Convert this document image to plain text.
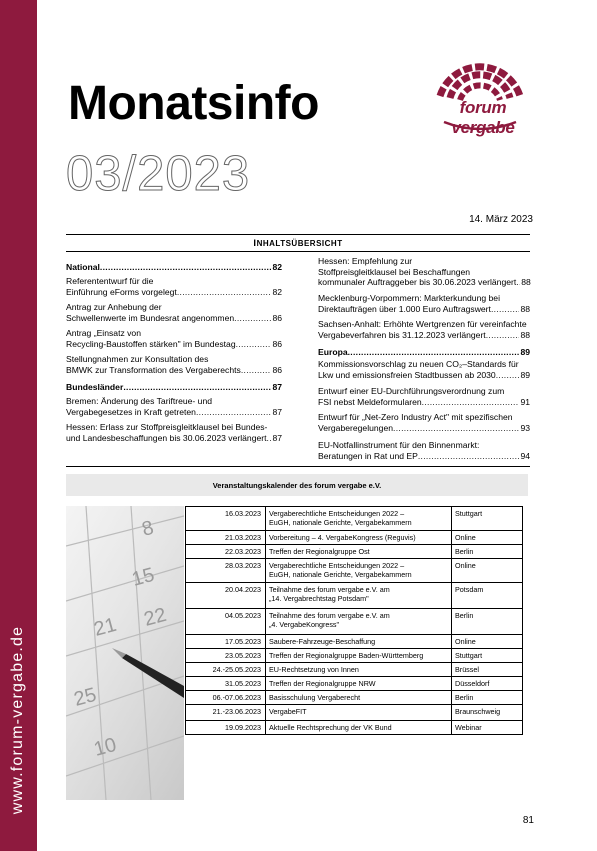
www.forum-vergabe.de
Monatsinfo
03/2023
forum vergabe
14. März 2023
INHALTSÜBERSICHT
National .....	82
Referententwurf für die
Einführung eForms vorgelegt .....	82
Antrag zur Anhebung der
Schwellenwerte im Bundesrat angenommen .....	86
Antrag „Einsatz von
Recycling-Baustoffen stärken" im Bundestag .....	86
Stellungnahmen zur Konsultation des
BMWK zur Transformation des Vergaberechts .....	86
Bundesländer .....	87
Bremen: Änderung des Tariftreue- und
Vergabegesetzes in Kraft getreten .....	87
Hessen: Erlass zur Stoffpreisgleitklausel bei Bundes-
und Landesbeschaffungen bis 30.06.2023 verlängert ..... 87
Hessen: Empfehlung zur
Stoffpreisgleitklausel bei Beschaffungen
kommunaler Auftraggeber bis 30.06.2023 verlängert ..... 88
Mecklenburg-Vorpommern: Markterkundung bei
Direktaufträgen über 1.000 Euro Auftragswert .....	88
Sachsen-Anhalt: Erhöhte Wertgrenzen für vereinfachte
Vergabeverfahren bis 31.12.2023 verlängert .....	88
Europa .....	89
Kommissionsvorschlag zu neuen CO₂–Standards für
Lkw und emissionsfreien Stadtbussen ab 2030 .....	89
Entwurf einer EU-Durchführungsverordnung zum
FSI nebst Meldeformularen .....	91
Entwurf für „Net-Zero Industry Act" mit spezifischen
Vergaberegelungen .....	93
EU-Notfallinstrument für den Binnenmarkt:
Beratungen in Rat und EP .....	94
Veranstaltungskalender des forum vergabe e.V.
8
15
21 22
25
10
16.03.2023	Vergaberechtliche Entscheidungen 2022 –
EuGH, nationale Gerichte, Vergabekammern	Stuttgart
21.03.2023	Vorbereitung – 4. VergabeKongress (Reguvis)	Online
22.03.2023	Treffen der Regionalgruppe Ost	Berlin
28.03.2023	Vergaberechtliche Entscheidungen 2022 –
EuGH, nationale Gerichte, Vergabekammern	Online
20.04.2023	Teilnahme des forum vergabe e.V. am
„14. Vergabrechtstag Potsdam"	Potsdam
04.05.2023	Teilnahme des forum vergabe e.V. am
„4. VergabeKongress"	Berlin
17.05.2023	Saubere-Fahrzeuge-Beschaffung	Online
23.05.2023	Treffen der Regionalgruppe Baden-Württemberg	Stuttgart
24.-25.05.2023	EU-Rechtsetzung von Innen	Brüssel
31.05.2023	Treffen der Regionalgruppe NRW	Düsseldorf
06.-07.06.2023	Basisschulung Vergaberecht	Berlin
21.-23.06.2023	VergabeFIT	Braunschweig
19.09.2023	Aktuelle Rechtsprechung der VK Bund	Webinar
81
